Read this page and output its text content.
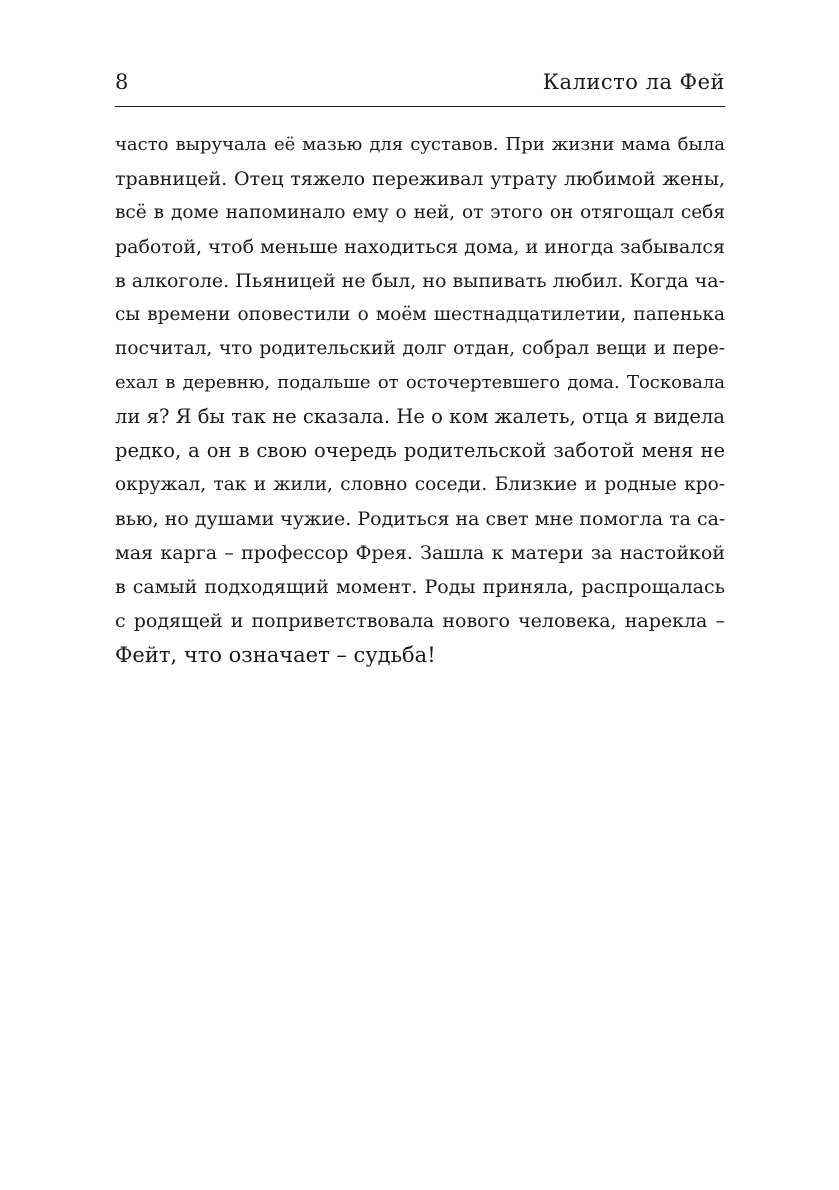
8	Калисто ла Фей
часто выручала её мазью для суставов. При жизни мама была
травницей. Отец тяжело переживал утрату любимой жены,
всё в доме напоминало ему о ней, от этого он отягощал себя
работой, чтоб меньше находиться дома, и иногда забывался
в алкоголе. Пьяницей не был, но выпивать любил. Когда ча-
сы времени оповестили о моём шестнадцатилетии, папенька
посчитал, что родительский долг отдан, собрал вещи и пере-
ехал в деревню, подальше от осточертевшего дома. Тосковала
ли я? Я бы так не сказала. Не о ком жалеть, отца я видела
редко, а он в свою очередь родительской заботой меня не
окружал, так и жили, словно соседи. Близкие и родные кро-
вью, но душами чужие. Родиться на свет мне помогла та са-
мая карга – профессор Фрея. Зашла к матери за настойкой
в самый подходящий момент. Роды приняла, распрощалась
с родящей и поприветствовала нового человека, нарекла –
Фейт, что означает – судьба!
